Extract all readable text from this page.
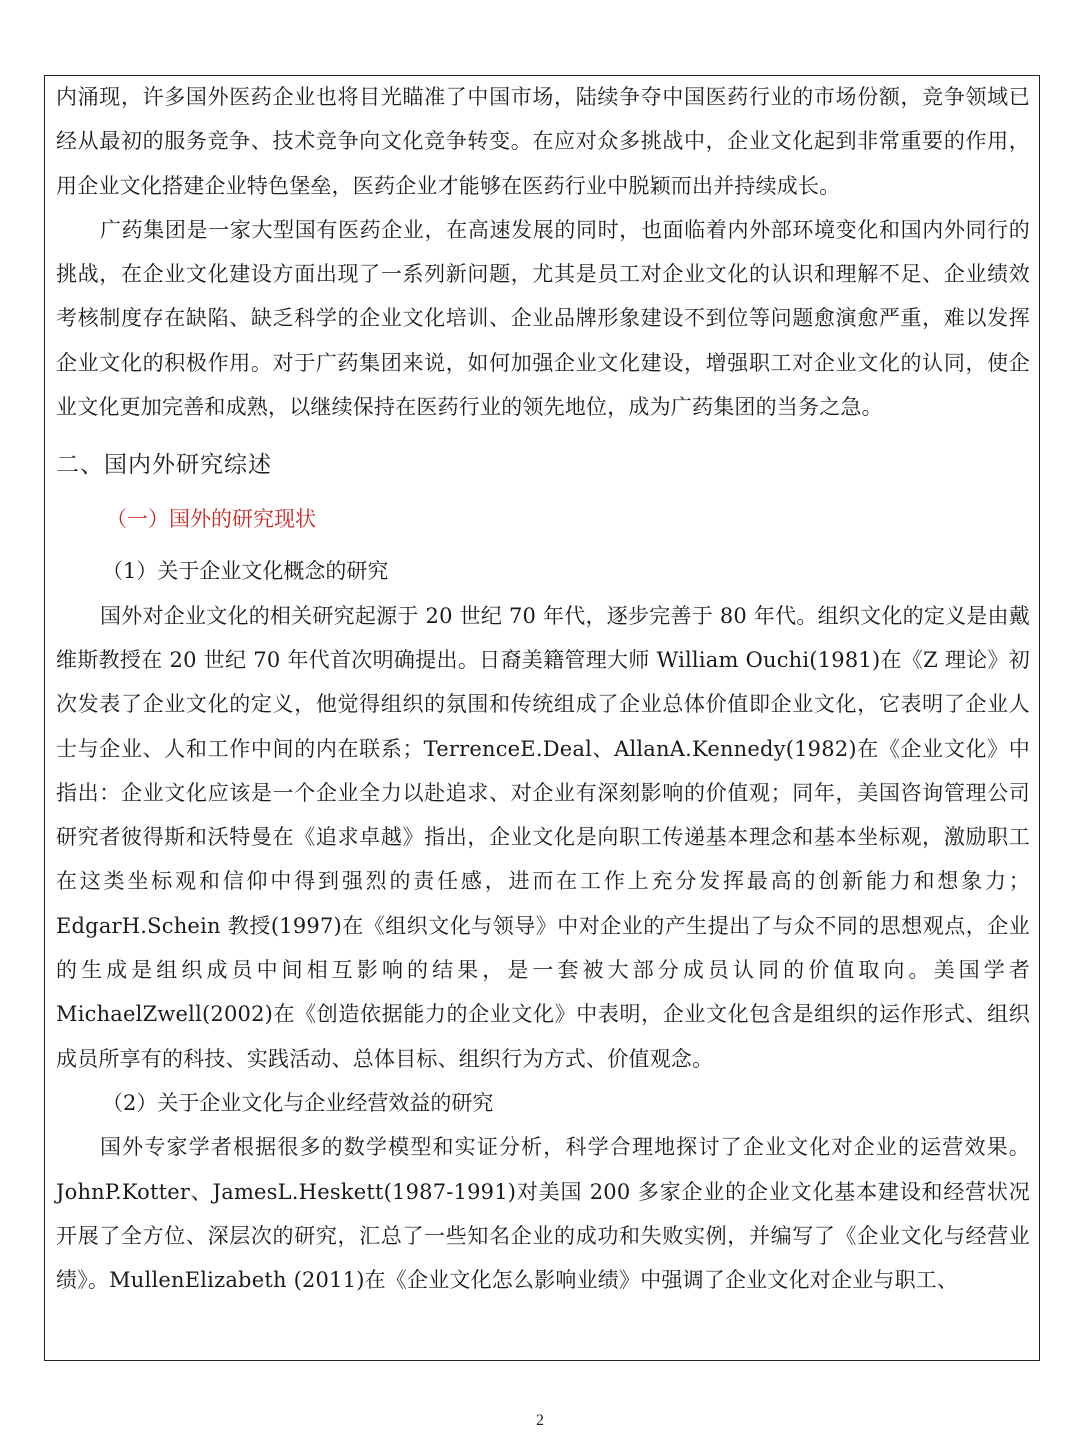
内涌现，许多国外医药企业也将目光瞄准了中国市场，陆续争夺中国医药行业的市场份额，竞争领域已经从最初的服务竞争、技术竞争向文化竞争转变。在应对众多挑战中，企业文化起到非常重要的作用，用企业文化搭建企业特色堡垒，医药企业才能够在医药行业中脱颖而出并持续成长。

广药集团是一家大型国有医药企业，在高速发展的同时，也面临着内外部环境变化和国内外同行的挑战，在企业文化建设方面出现了一系列新问题，尤其是员工对企业文化的认识和理解不足、企业绩效考核制度存在缺陷、缺乏科学的企业文化培训、企业品牌形象建设不到位等问题愈演愈严重，难以发挥企业文化的积极作用。对于广药集团来说，如何加强企业文化建设，增强职工对企业文化的认同，使企业文化更加完善和成熟，以继续保持在医药行业的领先地位，成为广药集团的当务之急。

二、国内外研究综述
（一）国外的研究现状
（1）关于企业文化概念的研究

国外对企业文化的相关研究起源于 20 世纪 70 年代，逐步完善于 80 年代。组织文化的定义是由戴维斯教授在 20 世纪 70 年代首次明确提出。日裔美籍管理大师 William Ouchi(1981)在《Z 理论》初次发表了企业文化的定义，他觉得组织的氛围和传统组成了企业总体价值即企业文化，它表明了企业人士与企业、人和工作中间的内在联系；TerrenceE.Deal、AllanA.Kennedy(1982)在《企业文化》中指出：企业文化应该是一个企业全力以赴追求、对企业有深刻影响的价值观；同年，美国咨询管理公司研究者彼得斯和沃特曼在《追求卓越》指出，企业文化是向职工传递基本理念和基本坐标观，激励职工在这类坐标观和信仰中得到强烈的责任感，进而在工作上充分发挥最高的创新能力和想象力；EdgarH.Schein 教授(1997)在《组织文化与领导》中对企业的产生提出了与众不同的思想观点，企业的生成是组织成员中间相互影响的结果，是一套被大部分成员认同的价值取向。美国学者 MichaelZwell(2002)在《创造依据能力的企业文化》中表明，企业文化包含是组织的运作形式、组织成员所享有的科技、实践活动、总体目标、组织行为方式、价值观念。

（2）关于企业文化与企业经营效益的研究

国外专家学者根据很多的数学模型和实证分析，科学合理地探讨了企业文化对企业的运营效果。JohnP.Kotter、JamesL.Heskett(1987-1991)对美国 200 多家企业的企业文化基本建设和经营状况开展了全方位、深层次的研究，汇总了一些知名企业的成功和失败实例，并编写了《企业文化与经营业绩》。MullenElizabeth (2011)在《企业文化怎么影响业绩》中强调了企业文化对企业与职工、

2
